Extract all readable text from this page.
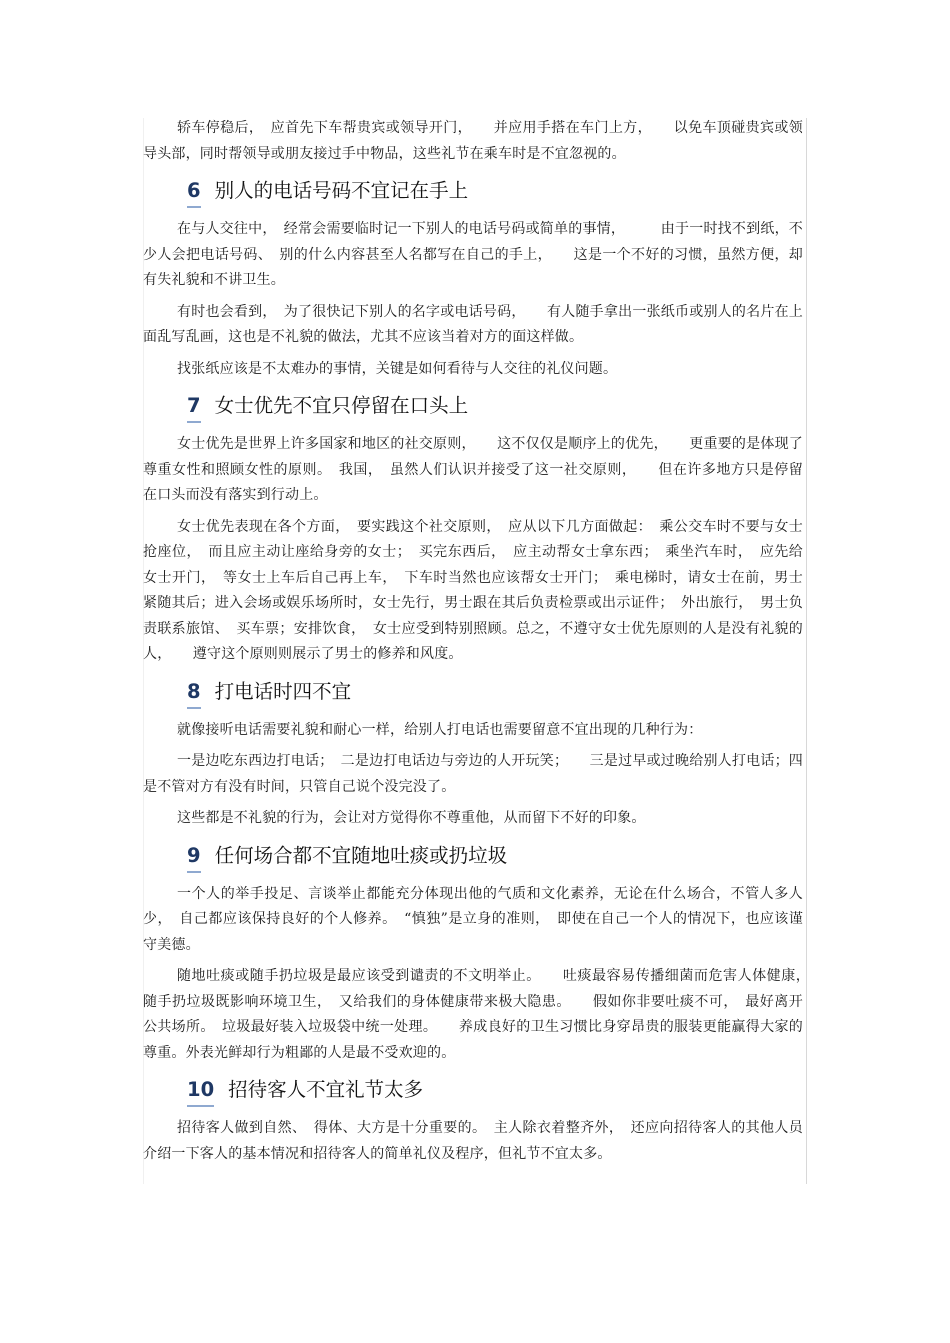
轿车停稳后，　应首先下车帮贵宾或领导开门，　　并应用手搭在车门上方，　　以免车顶碰贵宾或领导头部，同时帮领导或朋友接过手中物品，这些礼节在乘车时是不宜忽视的。

6 别人的电话号码不宜记在手上

在与人交往中，　经常会需要临时记一下别人的电话号码或简单的事情，　　　由于一时找不到纸，不少人会把电话号码、　别的什么内容甚至人名都写在自己的手上，　　这是一个不好的习惯，虽然方便，却有失礼貌和不讲卫生。

有时也会看到，　为了很快记下别人的名字或电话号码，　　有人随手拿出一张纸币或别人的名片在上面乱写乱画，这也是不礼貌的做法，尤其不应该当着对方的面这样做。

找张纸应该是不太难办的事情，关键是如何看待与人交往的礼仪问题。

7 女士优先不宜只停留在口头上

女士优先是世界上许多国家和地区的社交原则，　　这不仅仅是顺序上的优先，　　更重要的是体现了尊重女性和照顾女性的原则。　我国，　虽然人们认识并接受了这一社交原则，　　但在许多地方只是停留在口头而没有落实到行动上。

女士优先表现在各个方面，　要实践这个社交原则，　应从以下几方面做起：　乘公交车时不要与女士抢座位，　而且应主动让座给身旁的女士；　买完东西后，　应主动帮女士拿东西；　乘坐汽车时，　应先给女士开门，　等女士上车后自己再上车，　下车时当然也应该帮女士开门；　乘电梯时，请女士在前，男士紧随其后；进入会场或娱乐场所时，女士先行，男士跟在其后负责检票或出示证件；　外出旅行，　男士负责联系旅馆、　买车票；安排饮食，　女士应受到特别照顾。总之，不遵守女士优先原则的人是没有礼貌的人，　　遵守这个原则则展示了男士的修养和风度。

8 打电话时四不宜

就像接听电话需要礼貌和耐心一样，给别人打电话也需要留意不宜出现的几种行为：

一是边吃东西边打电话；　二是边打电话边与旁边的人开玩笑；　　三是过早或过晚给别人打电话；四是不管对方有没有时间，只管自己说个没完没了。

这些都是不礼貌的行为，会让对方觉得你不尊重他，从而留下不好的印象。

9 任何场合都不宜随地吐痰或扔垃圾

一个人的举手投足、言谈举止都能充分体现出他的气质和文化素养，无论在什么场合，不管人多人少，　自己都应该保持良好的个人修养。　“慎独”是立身的准则，　即使在自己一个人的情况下，也应该谨守美德。

随地吐痰或随手扔垃圾是最应该受到谴责的不文明举止。　　吐痰最容易传播细菌而危害人体健康，　随手扔垃圾既影响环境卫生，　又给我们的身体健康带来极大隐患。　　假如你非要吐痰不可，　最好离开公共场所。　垃圾最好装入垃圾袋中统一处理。　　养成良好的卫生习惯比身穿昂贵的服装更能赢得大家的尊重。外表光鲜却行为粗鄙的人是最不受欢迎的。

10 招待客人不宜礼节太多

招待客人做到自然、　得体、大方是十分重要的。　主人除衣着整齐外，　还应向招待客人的其他人员介绍一下客人的基本情况和招待客人的简单礼仪及程序，但礼节不宜太多。
